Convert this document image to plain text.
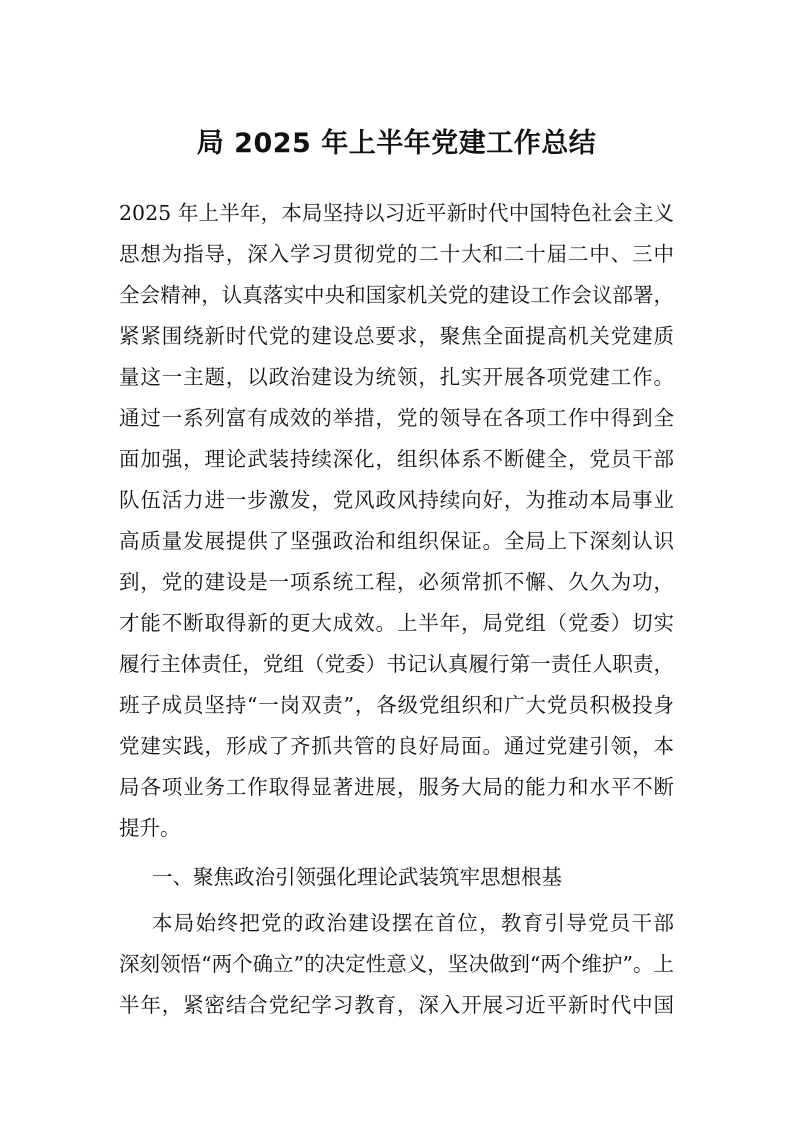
局 2025 年上半年党建工作总结
2025 年上半年，本局坚持以习近平新时代中国特色社会主义
思想为指导，深入学习贯彻党的二十大和二十届二中、三中
全会精神，认真落实中央和国家机关党的建设工作会议部署，
紧紧围绕新时代党的建设总要求，聚焦全面提高机关党建质
量这一主题，以政治建设为统领，扎实开展各项党建工作。
通过一系列富有成效的举措，党的领导在各项工作中得到全
面加强，理论武装持续深化，组织体系不断健全，党员干部
队伍活力进一步激发，党风政风持续向好，为推动本局事业
高质量发展提供了坚强政治和组织保证。全局上下深刻认识
到，党的建设是一项系统工程，必须常抓不懈、久久为功，
才能不断取得新的更大成效。上半年，局党组（党委）切实
履行主体责任，党组（党委）书记认真履行第一责任人职责，
班子成员坚持“一岗双责”，各级党组织和广大党员积极投身
党建实践，形成了齐抓共管的良好局面。通过党建引领，本
局各项业务工作取得显著进展，服务大局的能力和水平不断
提升。
一、聚焦政治引领强化理论武装筑牢思想根基
本局始终把党的政治建设摆在首位，教育引导党员干部
深刻领悟“两个确立”的决定性意义，坚决做到“两个维护”。上
半年，紧密结合党纪学习教育，深入开展习近平新时代中国
